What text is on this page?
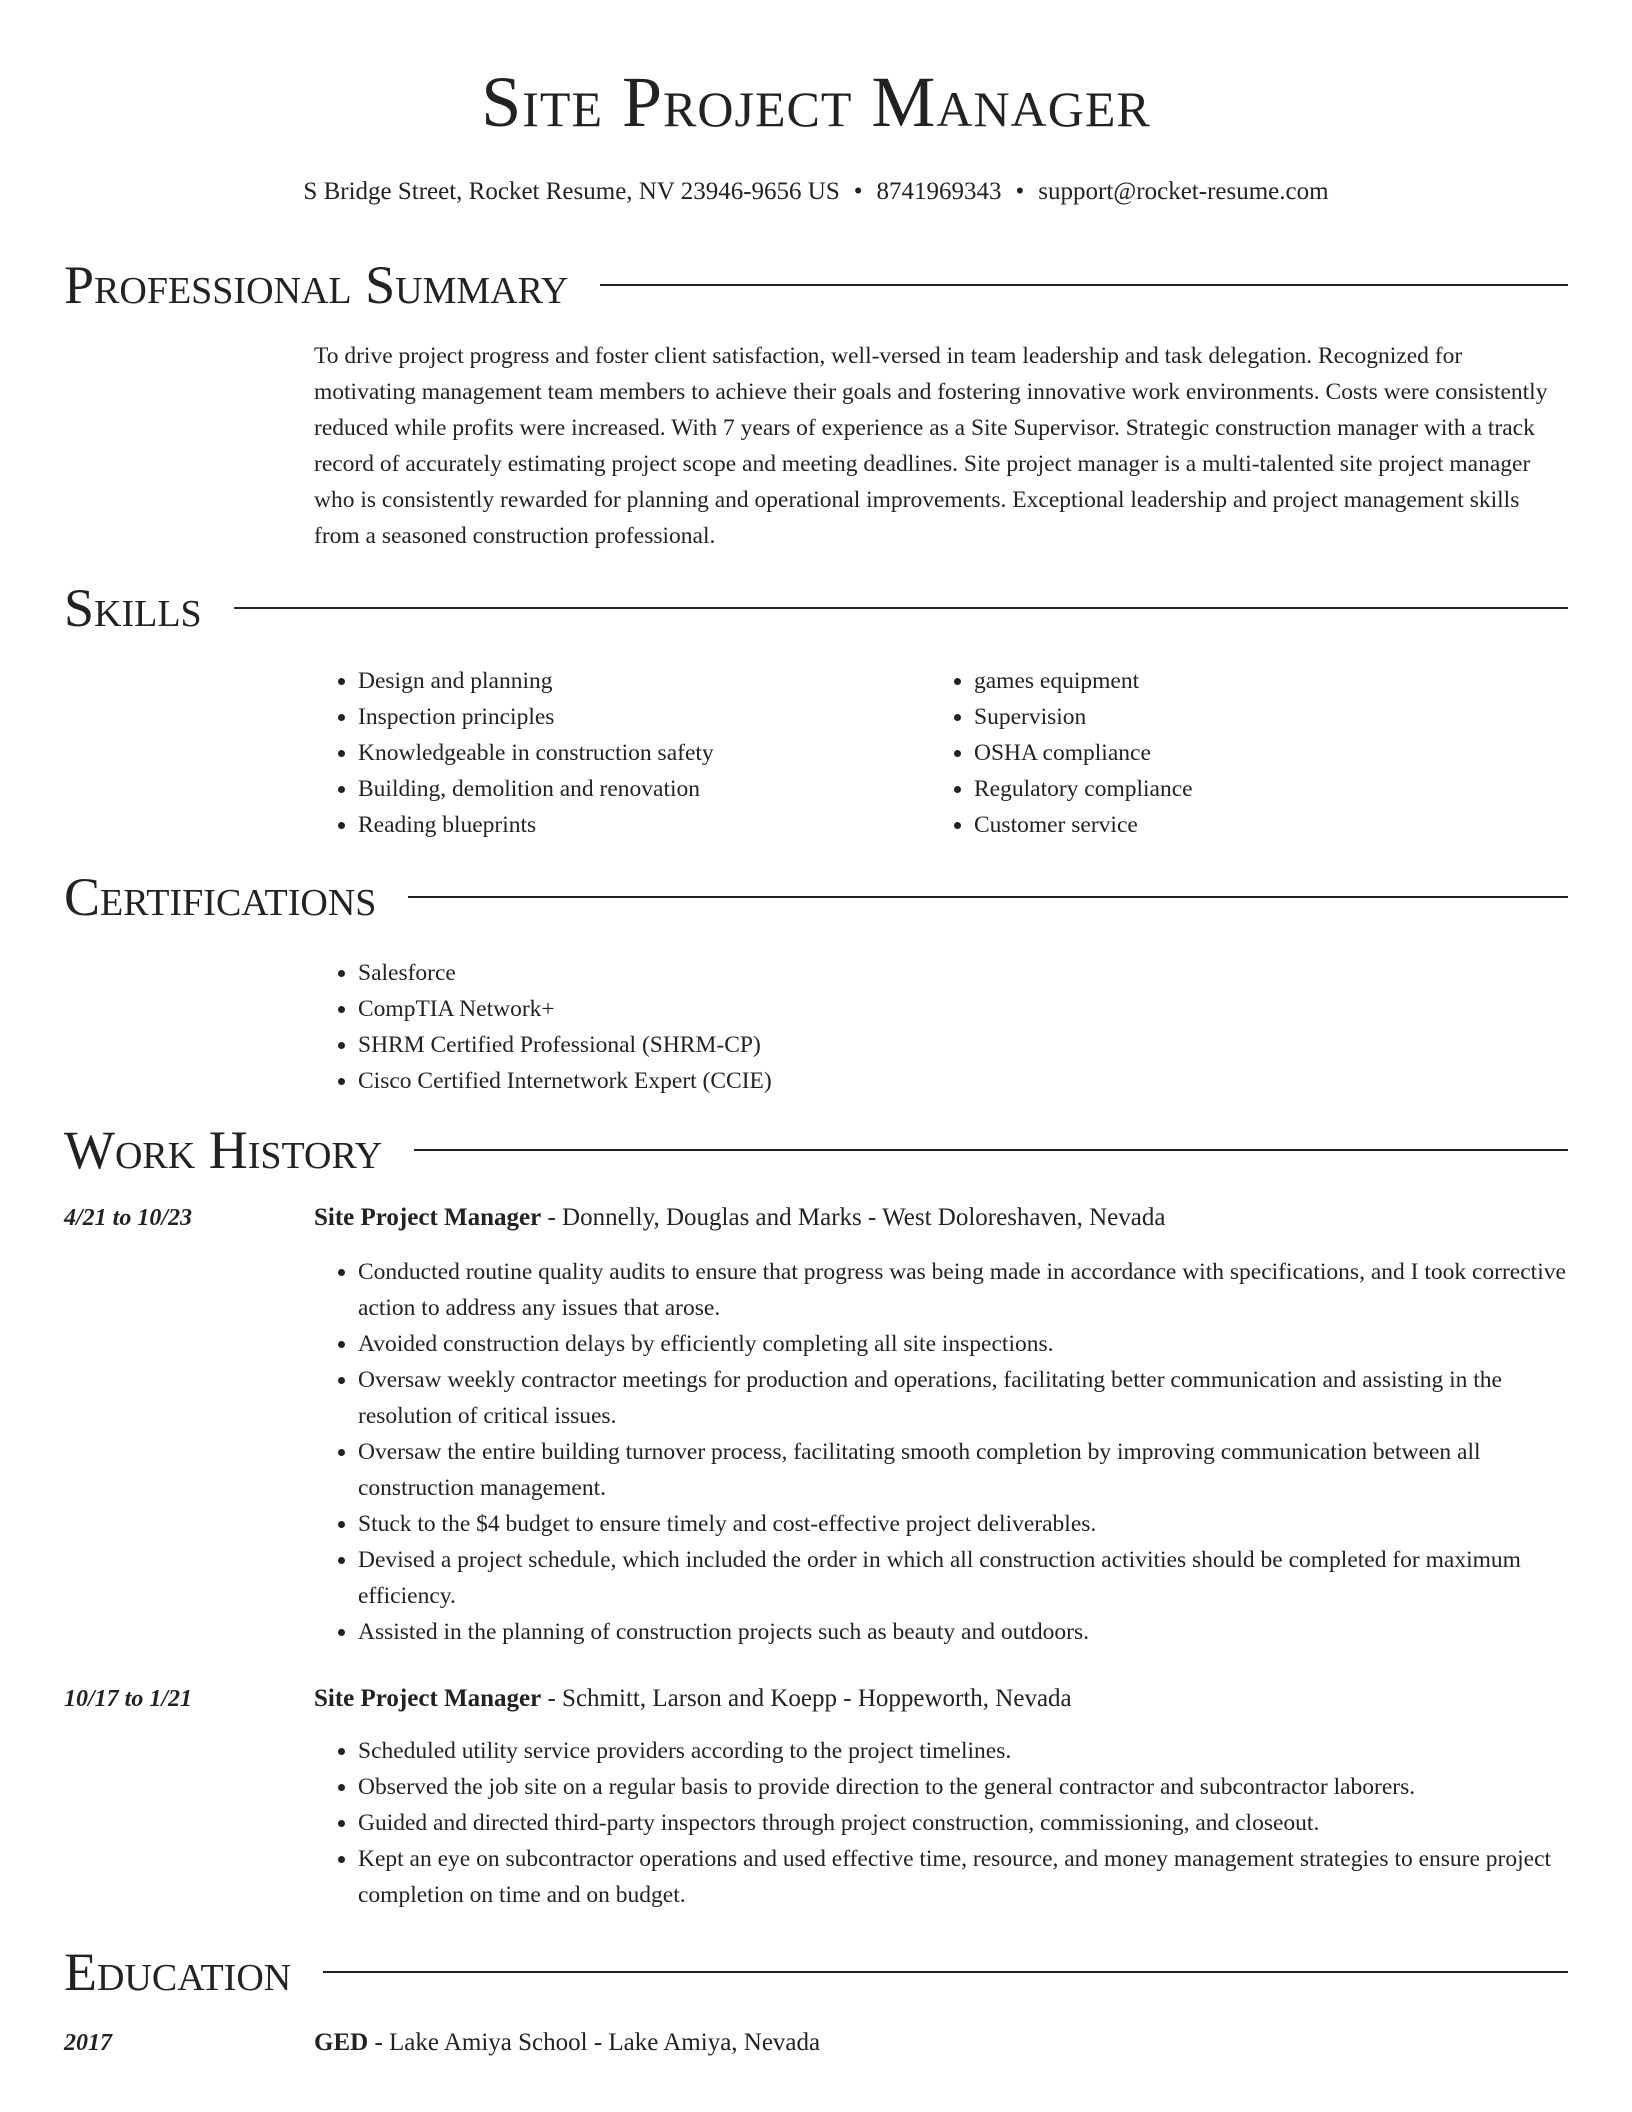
Site Project Manager
S Bridge Street, Rocket Resume, NV 23946-9656 US • 8741969343 • support@rocket-resume.com
Professional Summary
To drive project progress and foster client satisfaction, well-versed in team leadership and task delegation. Recognized for motivating management team members to achieve their goals and fostering innovative work environments. Costs were consistently reduced while profits were increased. With 7 years of experience as a Site Supervisor. Strategic construction manager with a track record of accurately estimating project scope and meeting deadlines. Site project manager is a multi-talented site project manager who is consistently rewarded for planning and operational improvements. Exceptional leadership and project management skills from a seasoned construction professional.
Skills
• Design and planning
• Inspection principles
• Knowledgeable in construction safety
• Building, demolition and renovation
• Reading blueprints
• games equipment
• Supervision
• OSHA compliance
• Regulatory compliance
• Customer service
Certifications
• Salesforce
• CompTIA Network+
• SHRM Certified Professional (SHRM-CP)
• Cisco Certified Internetwork Expert (CCIE)
Work History
4/21 to 10/23	Site Project Manager - Donnelly, Douglas and Marks - West Doloreshaven, Nevada
• Conducted routine quality audits to ensure that progress was being made in accordance with specifications, and I took corrective action to address any issues that arose.
• Avoided construction delays by efficiently completing all site inspections.
• Oversaw weekly contractor meetings for production and operations, facilitating better communication and assisting in the resolution of critical issues.
• Oversaw the entire building turnover process, facilitating smooth completion by improving communication between all construction management.
• Stuck to the $4 budget to ensure timely and cost-effective project deliverables.
• Devised a project schedule, which included the order in which all construction activities should be completed for maximum efficiency.
• Assisted in the planning of construction projects such as beauty and outdoors.
10/17 to 1/21	Site Project Manager - Schmitt, Larson and Koepp - Hoppeworth, Nevada
• Scheduled utility service providers according to the project timelines.
• Observed the job site on a regular basis to provide direction to the general contractor and subcontractor laborers.
• Guided and directed third-party inspectors through project construction, commissioning, and closeout.
• Kept an eye on subcontractor operations and used effective time, resource, and money management strategies to ensure project completion on time and on budget.
Education
2017	GED - Lake Amiya School - Lake Amiya, Nevada
